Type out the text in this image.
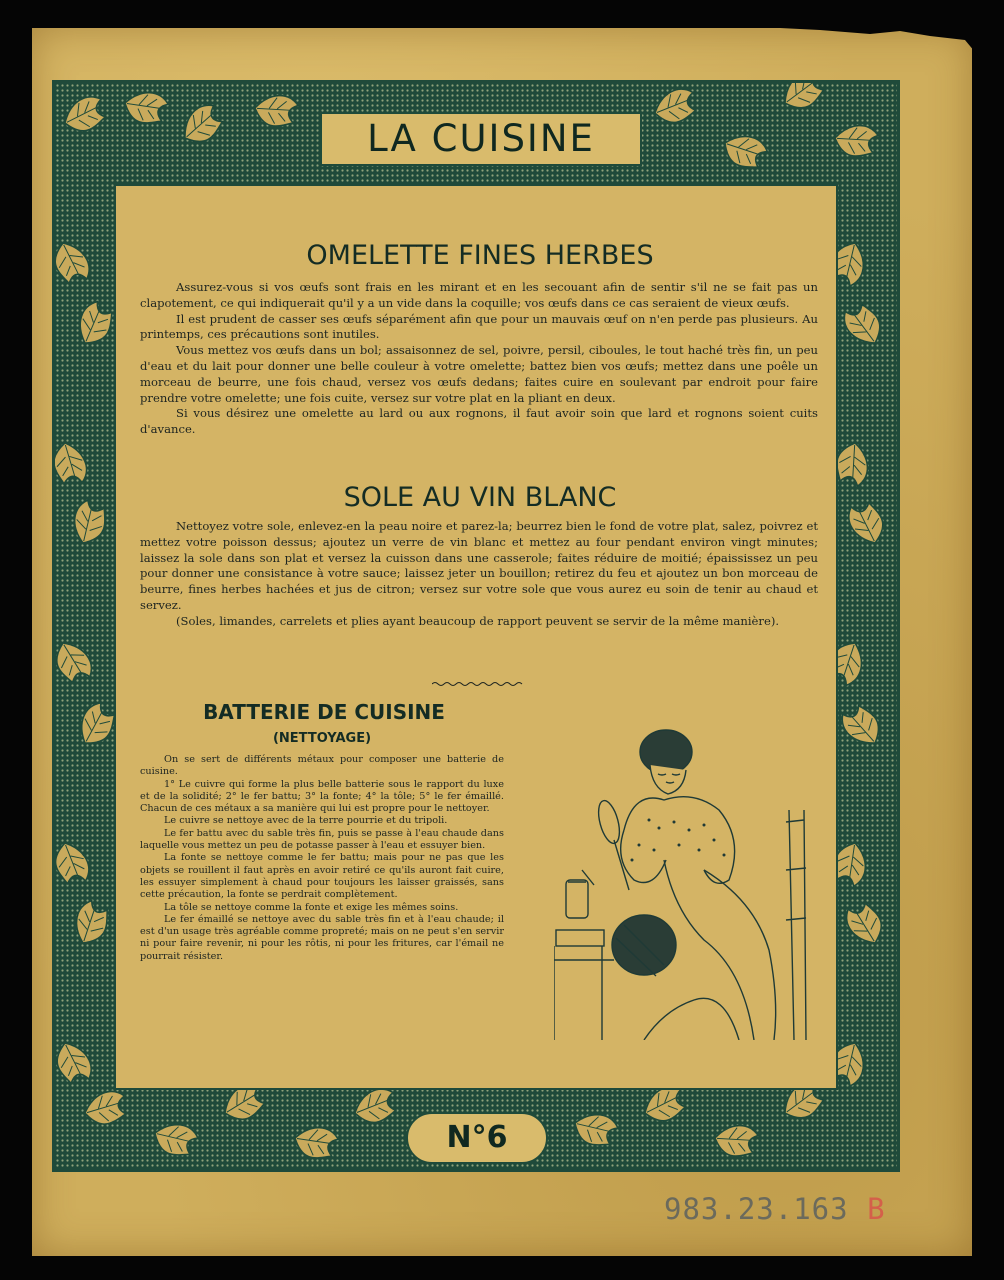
LA CUISINE
OMELETTE FINES HERBES

Assurez-vous si vos œufs sont frais en les mirant et en les secouant afin de sentir s'il ne se fait pas un clapotement, ce qui indiquerait qu'il y a un vide dans la coquille; vos œufs dans ce cas seraient de vieux œufs.

Il est prudent de casser ses œufs séparément afin que pour un mauvais œuf on n'en perde pas plusieurs. Au printemps, ces précautions sont inutiles.

Vous mettez vos œufs dans un bol; assaisonnez de sel, poivre, persil, ciboules, le tout haché très fin, un peu d'eau et du lait pour donner une belle couleur à votre omelette; battez bien vos œufs; mettez dans une poêle un morceau de beurre, une fois chaud, versez vos œufs dedans; faites cuire en soulevant par endroit pour faire prendre votre omelette; une fois cuite, versez sur votre plat en la pliant en deux.

Si vous désirez une omelette au lard ou aux rognons, il faut avoir soin que lard et rognons soient cuits d'avance.

SOLE AU VIN BLANC

Nettoyez votre sole, enlevez-en la peau noire et parez-la; beurrez bien le fond de votre plat, salez, poivrez et mettez votre poisson dessus; ajoutez un verre de vin blanc et mettez au four pendant environ vingt minutes; laissez la sole dans son plat et versez la cuisson dans une casserole; faites réduire de moitié; épaississez un peu pour donner une consistance à votre sauce; laissez jeter un bouillon; retirez du feu et ajoutez un bon morceau de beurre, fines herbes hachées et jus de citron; versez sur votre sole que vous aurez eu soin de tenir au chaud et servez.

(Soles, limandes, carrelets et plies ayant beaucoup de rapport peuvent se servir de la même manière).

BATTERIE DE CUISINE
(NETTOYAGE)

On se sert de différents métaux pour composer une batterie de cuisine.

1° Le cuivre qui forme la plus belle batterie sous le rapport du luxe et de la solidité; 2° le fer battu; 3° la fonte; 4° la tôle; 5° le fer émaillé. Chacun de ces métaux a sa manière qui lui est propre pour le nettoyer.

Le cuivre se nettoye avec de la terre pourrie et du tripoli.

Le fer battu avec du sable très fin, puis se passe à l'eau chaude dans laquelle vous mettez un peu de potasse passer à l'eau et essuyer bien.

La fonte se nettoye comme le fer battu; mais pour ne pas que les objets se rouillent il faut après en avoir retiré ce qu'ils auront fait cuire, les essuyer simplement à chaud pour toujours les laisser graissés, sans cette précaution, la fonte se perdrait complètement.

La tôle se nettoye comme la fonte et exige les mêmes soins.

Le fer émaillé se nettoye avec du sable très fin et à l'eau chaude; il est d'un usage très agréable comme propreté; mais on ne peut s'en servir ni pour faire revenir, ni pour les rôtis, ni pour les fritures, car l'émail ne pourrait résister.

N°6
983.23.163 B
